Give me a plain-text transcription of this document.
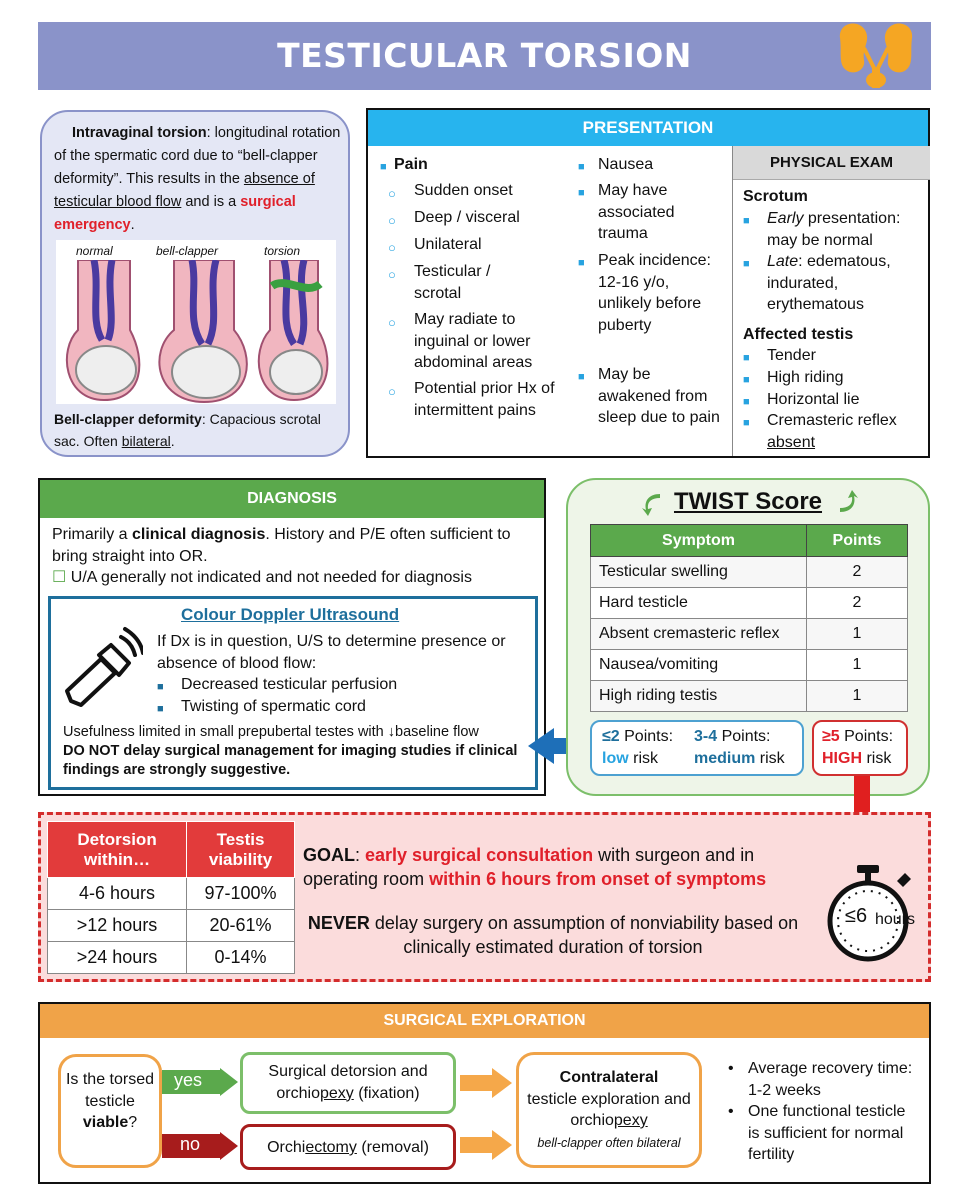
TESTICULAR TORSION
Intravaginal torsion: longitudinal rotation of the spermatic cord due to “bell-clapper deformity”. This results in the absence of testicular blood flow and is a surgical emergency.
normal	bell-clapper	torsion
Bell-clapper deformity: Capacious scrotal sac. Often bilateral.
PRESENTATION
■ Pain
○ Sudden onset
○ Deep / visceral
○ Unilateral
○ Testicular / scrotal
○ May radiate to inguinal or lower abdominal areas
○ Potential prior Hx of intermittent pains
■ Nausea
■ May have associated trauma
■ Peak incidence: 12-16 y/o, unlikely before puberty
■ May be awakened from sleep due to pain
PHYSICAL EXAM
Scrotum
■ Early presentation: may be normal
■ Late: edematous, indurated, erythematous
Affected testis
■ Tender
■ High riding
■ Horizontal lie
■ Cremasteric reflex
absent
DIAGNOSIS
Primarily a clinical diagnosis. History and P/E often sufficient to bring straight into OR.
☐ U/A generally not indicated and not needed for diagnosis
Colour Doppler Ultrasound
If Dx is in question, U/S to determine presence or absence of blood flow:
■ Decreased testicular perfusion
■ Twisting of spermatic cord
Usefulness limited in small prepubertal testes with ↓baseline flow
DO NOT delay surgical management for imaging studies if clinical findings are strongly suggestive.
TWIST Score
Symptom	Points
Testicular swelling	2
Hard testicle	2
Absent cremasteric reflex	1
Nausea/vomiting	1
High riding testis	1
≤2 Points:
low risk
3-4 Points:
medium risk
≥5 Points:
HIGH risk
Detorsion within…	Testis viability
4-6 hours	97-100%
>12 hours	20-61%
>24 hours	0-14%
GOAL: early surgical consultation with surgeon and in operating room within 6 hours from onset of symptoms
NEVER delay surgery on assumption of nonviability based on clinically estimated duration of torsion
≤6 hours
SURGICAL EXPLORATION
Is the torsed testicle
viable?
yes
no
Surgical detorsion and orchiopexy (fixation)
Orchiectomy (removal)
Contralateral
testicle exploration and orchiopexy
bell-clapper often bilateral
• Average recovery time: 1-2 weeks
• One functional testicle is sufficient for normal fertility
